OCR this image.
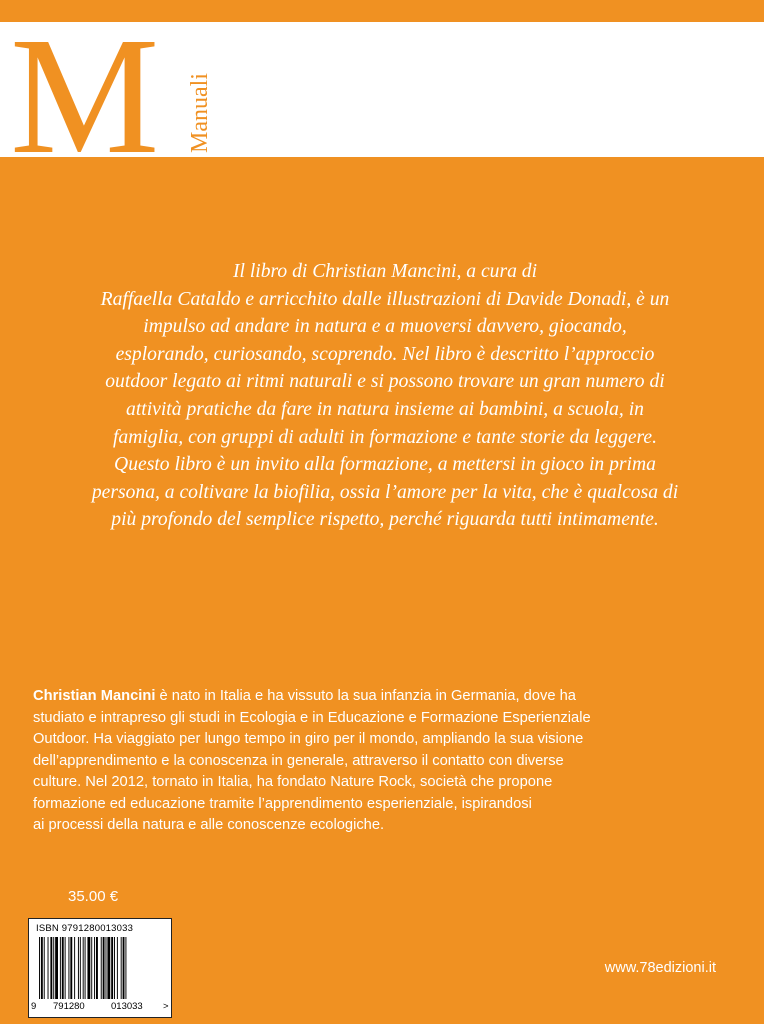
M Manuali

Il libro di Christian Mancini, a cura di
Raffaella Cataldo e arricchito dalle illustrazioni di Davide Donadi, è un
impulso ad andare in natura e a muoversi davvero, giocando,
esplorando, curiosando, scoprendo. Nel libro è descritto l’approccio
outdoor legato ai ritmi naturali e si possono trovare un gran numero di
attività pratiche da fare in natura insieme ai bambini, a scuola, in
famiglia, con gruppi di adulti in formazione e tante storie da leggere.
Questo libro è un invito alla formazione, a mettersi in gioco in prima
persona, a coltivare la biofilia, ossia l’amore per la vita, che è qualcosa di
più profondo del semplice rispetto, perché riguarda tutti intimamente.

Christian Mancini è nato in Italia e ha vissuto la sua infanzia in Germania, dove ha
studiato e intrapreso gli studi in Ecologia e in Educazione e Formazione Esperienziale
Outdoor. Ha viaggiato per lungo tempo in giro per il mondo, ampliando la sua visione
dell’apprendimento e la conoscenza in generale, attraverso il contatto con diverse
culture. Nel 2012, tornato in Italia, ha fondato Nature Rock, società che propone
formazione ed educazione tramite l’apprendimento esperienziale, ispirandosi
ai processi della natura e alle conoscenze ecologiche.

35.00 €
ISBN 9791280013033
9 791280	013033 >
www.78edizioni.it
